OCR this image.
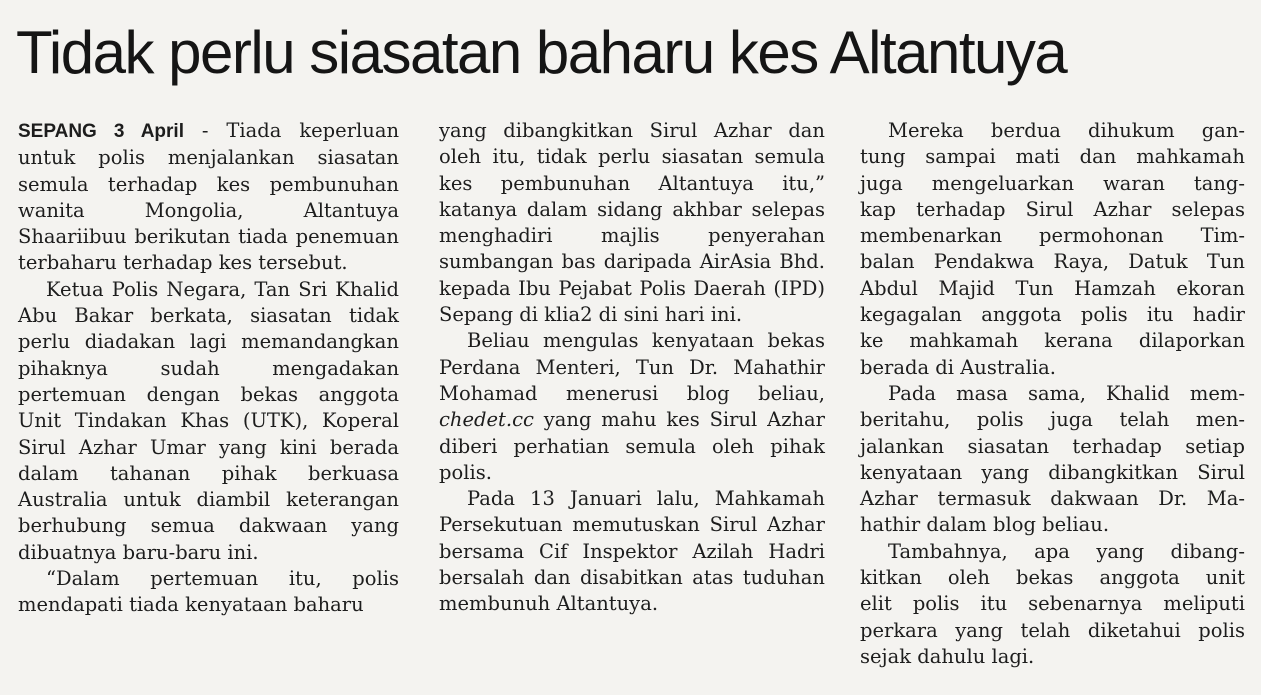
Tidak perlu siasatan baharu kes Altantuya

SEPANG 3 April - Tiada keperluan untuk polis menjalankan siasatan semula terhadap kes pembunuhan wanita Mongolia, Altantuya Shaariibuu berikutan tiada penemuan terbaharu terhadap kes tersebut.

Ketua Polis Negara, Tan Sri Khalid Abu Bakar berkata, siasatan tidak perlu diadakan lagi memandangkan pihaknya sudah mengadakan pertemuan dengan bekas anggota Unit Tindakan Khas (UTK), Koperal Sirul Azhar Umar yang kini berada dalam tahanan pihak berkuasa Australia untuk diambil keterangan berhubung semua dakwaan yang dibuatnya baru-baru ini.

“Dalam pertemuan itu, polis mendapati tiada kenyataan baharu

yang dibangkitkan Sirul Azhar dan oleh itu, tidak perlu siasatan semula kes pembunuhan Altantuya itu,” katanya dalam sidang akhbar selepas menghadiri majlis penyerahan sumbangan bas daripada AirAsia Bhd. kepada Ibu Pejabat Polis Daerah (IPD) Sepang di klia2 di sini hari ini.

Beliau mengulas kenyataan bekas Perdana Menteri, Tun Dr. Mahathir Mohamad menerusi blog beliau, chedet.cc yang mahu kes Sirul Azhar diberi perhatian semula oleh pihak polis.

Pada 13 Januari lalu, Mahkamah Persekutuan memutuskan Sirul Azhar bersama Cif Inspektor Azilah Hadri bersalah dan disabitkan atas tuduhan membunuh Altantuya.

Mereka berdua dihukum gan-
tung sampai mati dan mahkamah
juga mengeluarkan waran tang-
kap terhadap Sirul Azhar selepas
membenarkan permohonan Tim-
balan Pendakwa Raya, Datuk Tun
Abdul Majid Tun Hamzah ekoran
kegagalan anggota polis itu hadir
ke mahkamah kerana dilaporkan
berada di Australia.
Pada masa sama, Khalid mem-
beritahu, polis juga telah men-
jalankan siasatan terhadap setiap
kenyataan yang dibangkitkan Sirul
Azhar termasuk dakwaan Dr. Ma-
hathir dalam blog beliau.
Tambahnya, apa yang dibang-
kitkan oleh bekas anggota unit
elit polis itu sebenarnya meliputi
perkara yang telah diketahui polis
sejak dahulu lagi.
